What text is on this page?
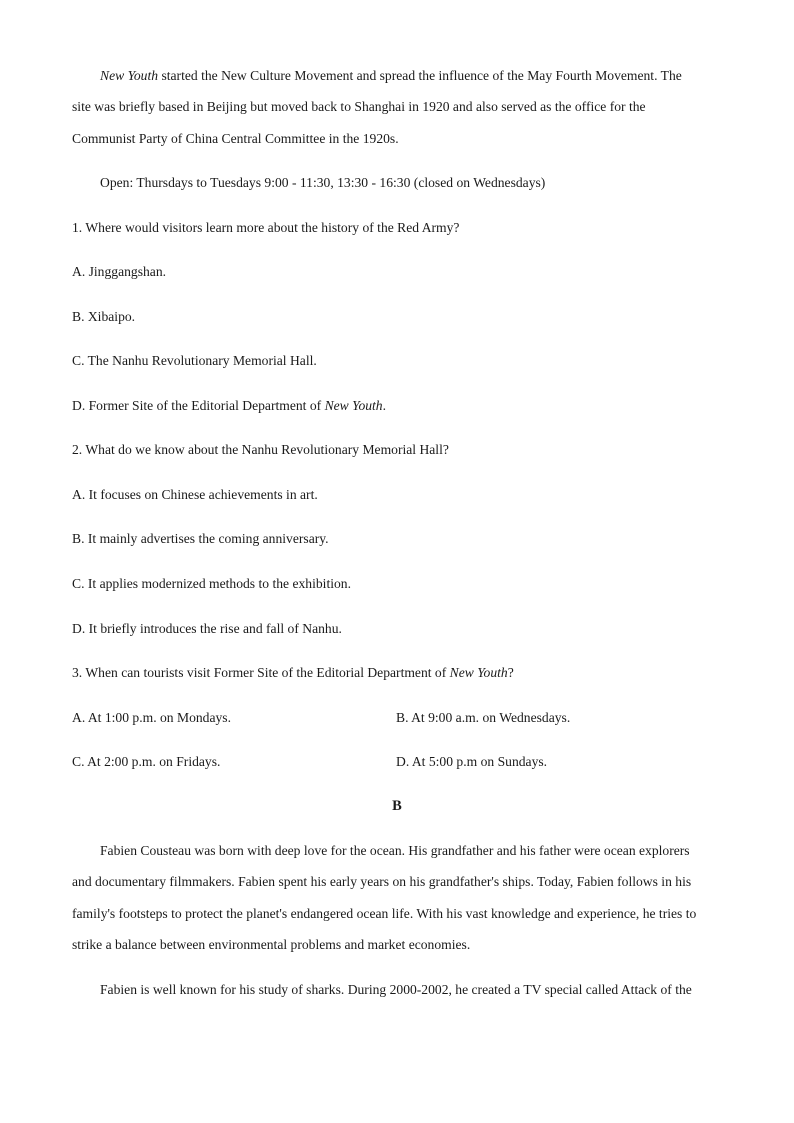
New Youth started the New Culture Movement and spread the influence of the May Fourth Movement. The
site was briefly based in Beijing but moved back to Shanghai in 1920 and also served as the office for the
Communist Party of China Central Committee in the 1920s.
Open: Thursdays to Tuesdays 9:00 - 11:30, 13:30 - 16:30 (closed on Wednesdays)
1. Where would visitors learn more about the history of the Red Army?
A. Jinggangshan.
B. Xibaipo.
C. The Nanhu Revolutionary Memorial Hall.
D. Former Site of the Editorial Department of New Youth.
2. What do we know about the Nanhu Revolutionary Memorial Hall?
A. It focuses on Chinese achievements in art.
B. It mainly advertises the coming anniversary.
C. It applies modernized methods to the exhibition.
D. It briefly introduces the rise and fall of Nanhu.
3. When can tourists visit Former Site of the Editorial Department of New Youth?
A. At 1:00 p.m. on Mondays.	B. At 9:00 a.m. on Wednesdays.
C. At 2:00 p.m. on Fridays.	D. At 5:00 p.m on Sundays.
B
Fabien Cousteau was born with deep love for the ocean. His grandfather and his father were ocean explorers
and documentary filmmakers. Fabien spent his early years on his grandfather's ships. Today, Fabien follows in his
family's footsteps to protect the planet's endangered ocean life. With his vast knowledge and experience, he tries to
strike a balance between environmental problems and market economies.
Fabien is well known for his study of sharks. During 2000-2002, he created a TV special called Attack of the
